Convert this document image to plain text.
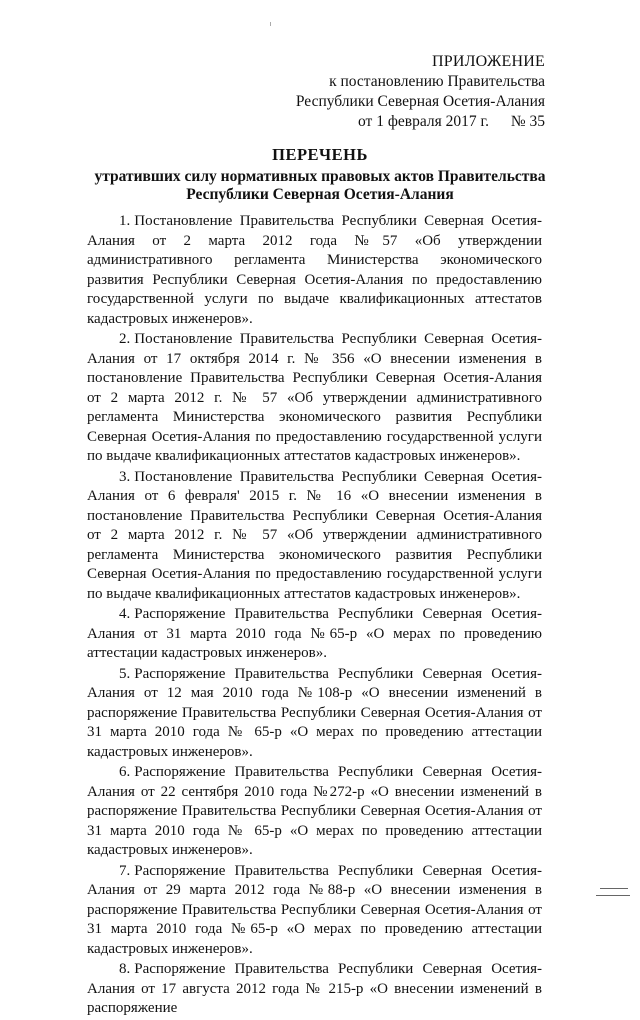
ПРИЛОЖЕНИЕ
к постановлению Правительства
Республики Северная Осетия-Алания
от 1 февраля 2017 г. № 35
ПЕРЕЧЕНЬ
утративших силу нормативных правовых актов Правительства
Республики Северная Осетия-Алания

1. Постановление Правительства Республики Северная Осетия-Алания от 2 марта 2012 года №57 «Об утверждении административного регламента Министерства экономического развития Республики Северная Осетия-Алания по предоставлению государственной услуги по выдаче квалификационных аттестатов кадастровых инженеров».

2. Постановление Правительства Республики Северная Осетия-Алания от 17 октября 2014 г. № 356 «О внесении изменения в постановление Правительства Республики Северная Осетия-Алания от 2 марта 2012 г. № 57 «Об утверждении административного регламента Министерства экономического развития Республики Северная Осетия-Алания по предоставлению государственной услуги по выдаче квалификационных аттестатов кадастровых инженеров».

3. Постановление Правительства Республики Северная Осетия-Алания от 6 февраля' 2015 г. № 16 «О внесении изменения в постановление Правительства Республики Северная Осетия-Алания от 2 марта 2012 г. № 57 «Об утверждении административного регламента Министерства экономического развития Республики Северная Осетия-Алания по предоставлению государственной услуги по выдаче квалификационных аттестатов кадастровых инженеров».

4. Распоряжение Правительства Республики Северная Осетия-Алания от 31 марта 2010 года №65-р «О мерах по проведению аттестации кадастровых инженеров».

5. Распоряжение Правительства Республики Северная Осетия-Алания от 12 мая 2010 года №108-р «О внесении изменений в распоряжение Правительства Республики Северная Осетия-Алания от 31 марта 2010 года № 65-р «О мерах по проведению аттестации кадастровых инженеров».

6. Распоряжение Правительства Республики Северная Осетия-Алания от 22 сентября 2010 года №272-р «О внесении изменений в распоряжение Правительства Республики Северная Осетия-Алания от 31 марта 2010 года № 65-р «О мерах по проведению аттестации кадастровых инженеров».

7. Распоряжение Правительства Республики Северная Осетия-Алания от 29 марта 2012 года №88-р «О внесении изменения в распоряжение Правительства Республики Северная Осетия-Алания от 31 марта 2010 года №65-р «О мерах по проведению аттестации кадастровых инженеров».

8. Распоряжение Правительства Республики Северная Осетия-Алания от 17 августа 2012 года № 215-р «О внесении изменений в распоряжение
